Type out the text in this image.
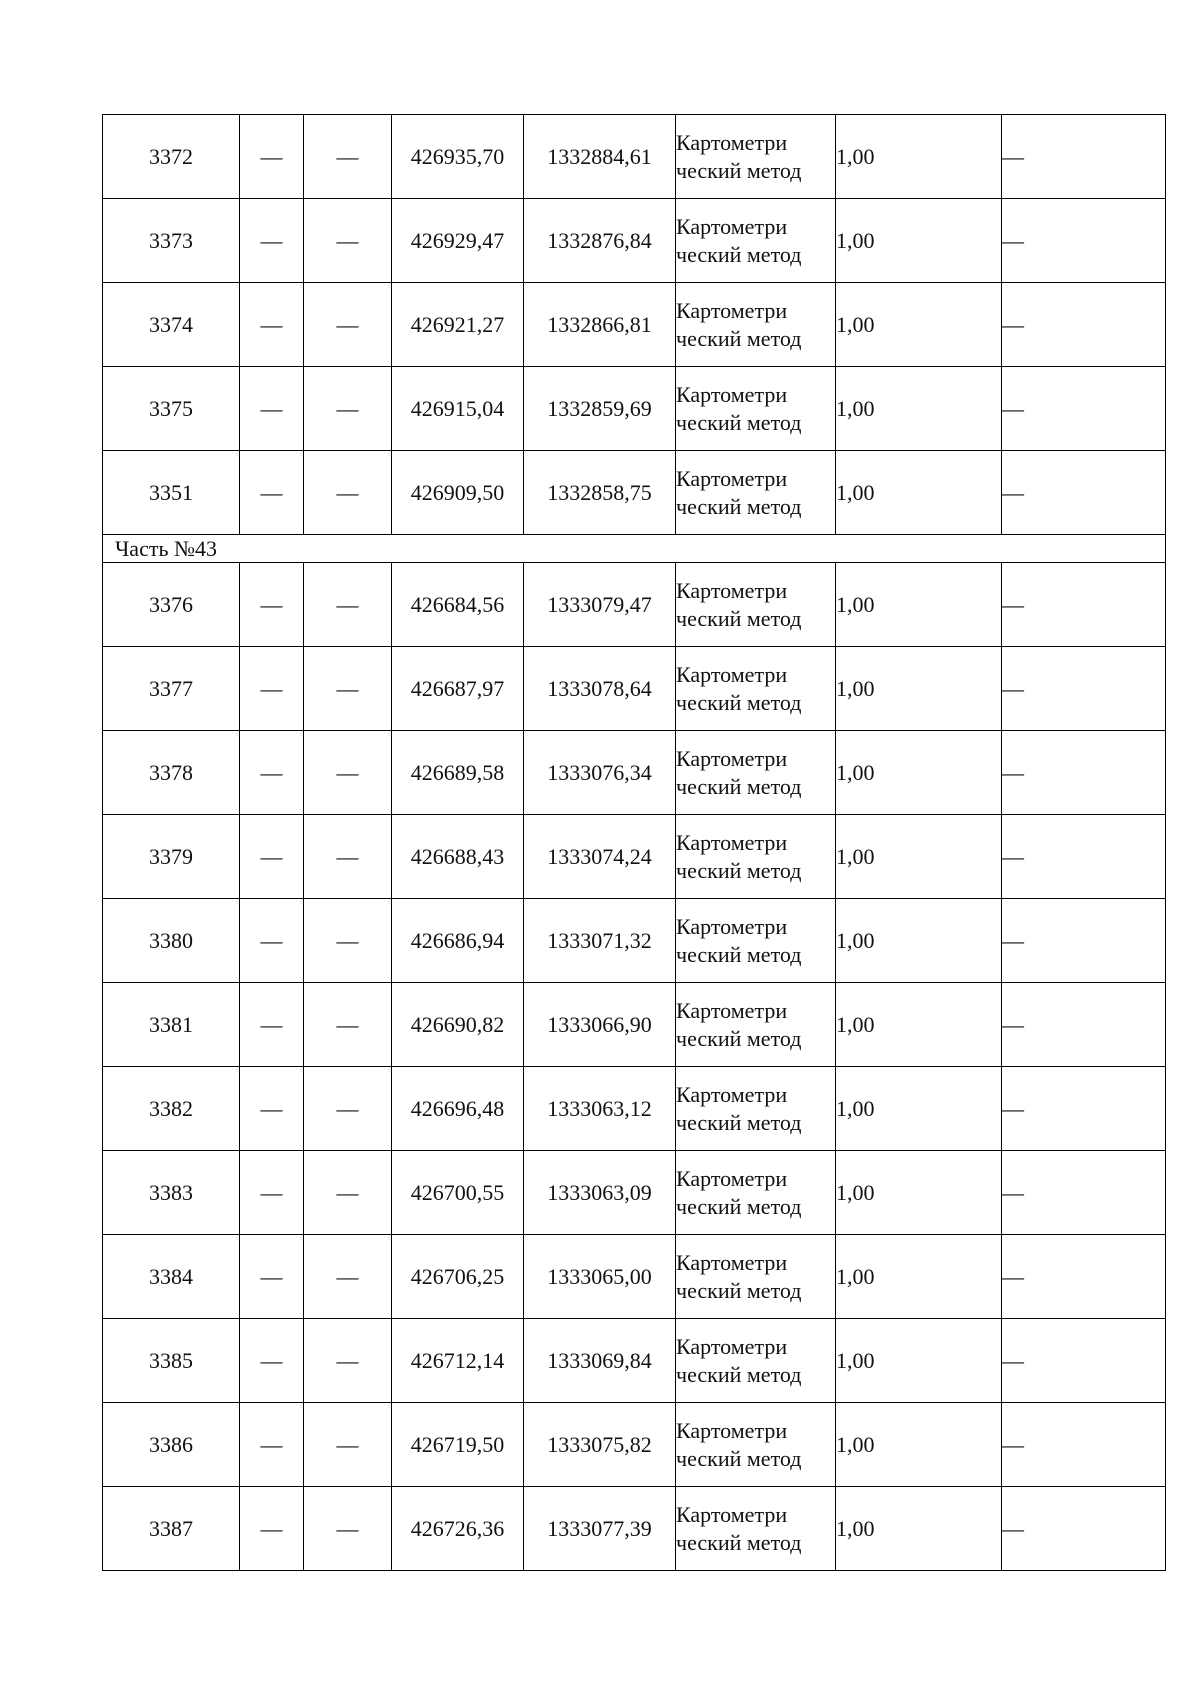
3372	—	—	426935,70	1332884,61	Картометри ческий метод	1,00	—
3373	—	—	426929,47	1332876,84	Картометри ческий метод	1,00	—
3374	—	—	426921,27	1332866,81	Картометри ческий метод	1,00	—
3375	—	—	426915,04	1332859,69	Картометри ческий метод	1,00	—
3351	—	—	426909,50	1332858,75	Картометри ческий метод	1,00	—
Часть №43							
3376	—	—	426684,56	1333079,47	Картометри ческий метод	1,00	—
3377	—	—	426687,97	1333078,64	Картометри ческий метод	1,00	—
3378	—	—	426689,58	1333076,34	Картометри ческий метод	1,00	—
3379	—	—	426688,43	1333074,24	Картометри ческий метод	1,00	—
3380	—	—	426686,94	1333071,32	Картометри ческий метод	1,00	—
3381	—	—	426690,82	1333066,90	Картометри ческий метод	1,00	—
3382	—	—	426696,48	1333063,12	Картометри ческий метод	1,00	—
3383	—	—	426700,55	1333063,09	Картометри ческий метод	1,00	—
3384	—	—	426706,25	1333065,00	Картометри ческий метод	1,00	—
3385	—	—	426712,14	1333069,84	Картометри ческий метод	1,00	—
3386	—	—	426719,50	1333075,82	Картометри ческий метод	1,00	—
3387	—	—	426726,36	1333077,39	Картометри ческий метод	1,00	—
